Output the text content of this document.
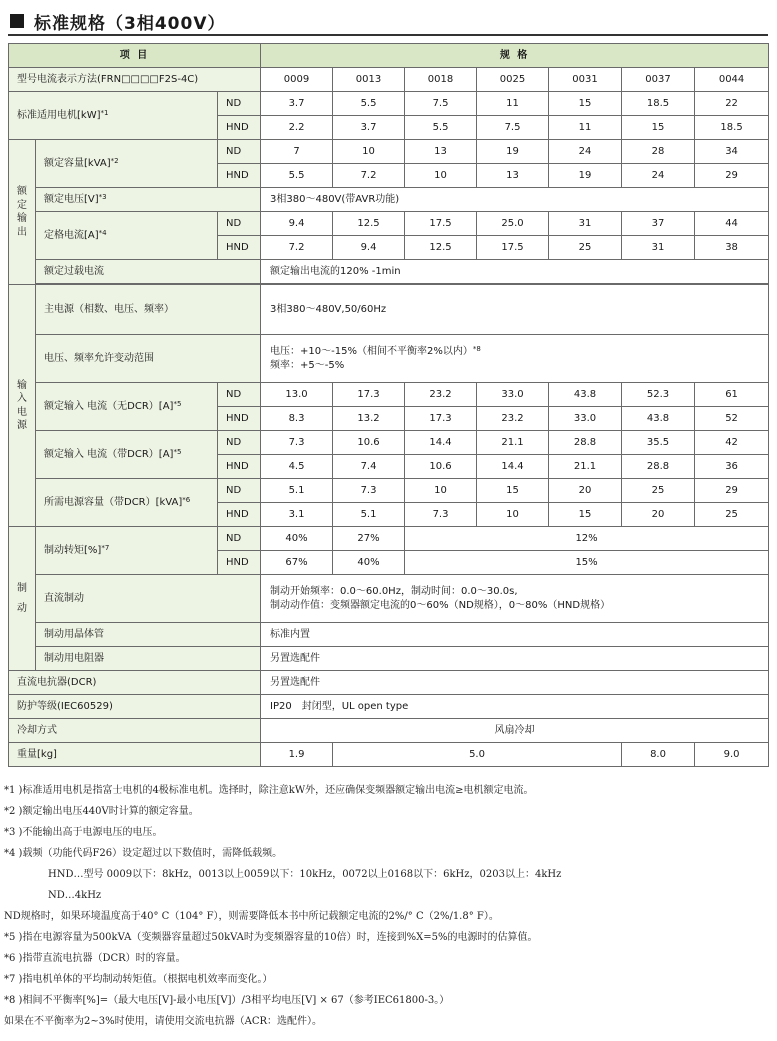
标准规格（3相400V）
项 目			规 格						
型号电流表示方法(FRN□□□□F2S-4C)			0009	0013	0018	0025	0031	0037	0044
标准适用电机[kW]$^{*1}$		ND	3.7	5.5	7.5	11	15	18.5	22
		HND	2.2	3.7	5.5	7.5	11	15	18.5

额
定
输
出	额定容量[kVA]$^{*2}$	ND	7	10	13	19	24	28	34
		HND	5.5	7.2	10	13	19	24	29
	额定电压$[V]^{*3}$		3相380～480V(带AVR功能)						
	定格电流$[A]^{*4}$	ND	9.4	12.5	17.5	25.0	31	37	44
		HND	7.2	9.4	12.5	17.5	25	31	38
	额定过载电流		额定输出电流的120% -1min						

输
入
电
源	主电源（相数、电压、频率）		3相380～480V,50/60Hz						
	电压、频率允许变动范围		电压：+10～-15%（相间不平衡率2%以内）$^{*8}$
频率：+5～-5%						

	额定输入 电流（无$DCR)[A]^{*5}$	ND	13.0	17.3	23.2	33.0	43.8	52.3	61
		HND	8.3	13.2	17.3	23.2	33.0	43.8	52
	额定输入 电流（带$DCR)[A]^{*5}$	ND	7.3	10.6	14.4	21.1	28.8	35.5	42
		HND	4.5	7.4	10.6	14.4	21.1	28.8	36
	所需电源容量（带DCR）[kVA]$^{*6}$	ND	5.1	7.3	10	15	20	25	29
		HND	3.1	5.1	7.3	10	15	20	25

制
动	制动转矩[%]$^{*7}$	ND	40%	27%	12%				
		HND	67%	40%	15%				
	直流制动		制动开始频率：0.0～60.0Hz，制动时间：0.0～30.0s,
制动动作值：变频器额定电流的0～60%（ND规格），0～80%（HND规格）						

	制动用晶体管		标准内置						
	制动用电阻器		另置选配件						
直流电抗器(DCR)			另置选配件						
防护等级(IEC60529)			IP20　封闭型，UL open type						
冷却方式			风扇冷却						
重量[kg]			1.9	5.0				8.0	9.0
*1 )标准适用电机是指富士电机的4极标准电机。选择时，除注意kW外，还应确保变频器额定输出电流≥电机额定电流。
*2 )额定输出电压440V时计算的额定容量。
*3 )不能输出高于电源电压的电压。
*4 )载频（功能代码F26）设定超过以下数值时，需降低载频。
HND…型号 0009以下：8kHz，0013以上0059以下：10kHz，0072以上0168以下：6kHz，0203以上：4kHz
ND…4kHz
ND规格时，如果环境温度高于40° C（104° F），则需要降低本书中所记载额定电流的2%/° C（2%/1.8° F）。
*5 )指在电源容量为500kVA（变频器容量超过50kVA时为变频器容量的10倍）时，连接到%X=5%的电源时的估算值。
*6 )指带直流电抗器（DCR）时的容量。
*7 )指电机单体的平均制动转矩值。（根据电机效率而变化。）
*8 )相间不平衡率[%]=（最大电压[V]-最小电压[V]）/3相平均电压[V] × 67（参考IEC61800-3。）
如果在不平衡率为2~3%时使用，请使用交流电抗器（ACR：选配件）。
